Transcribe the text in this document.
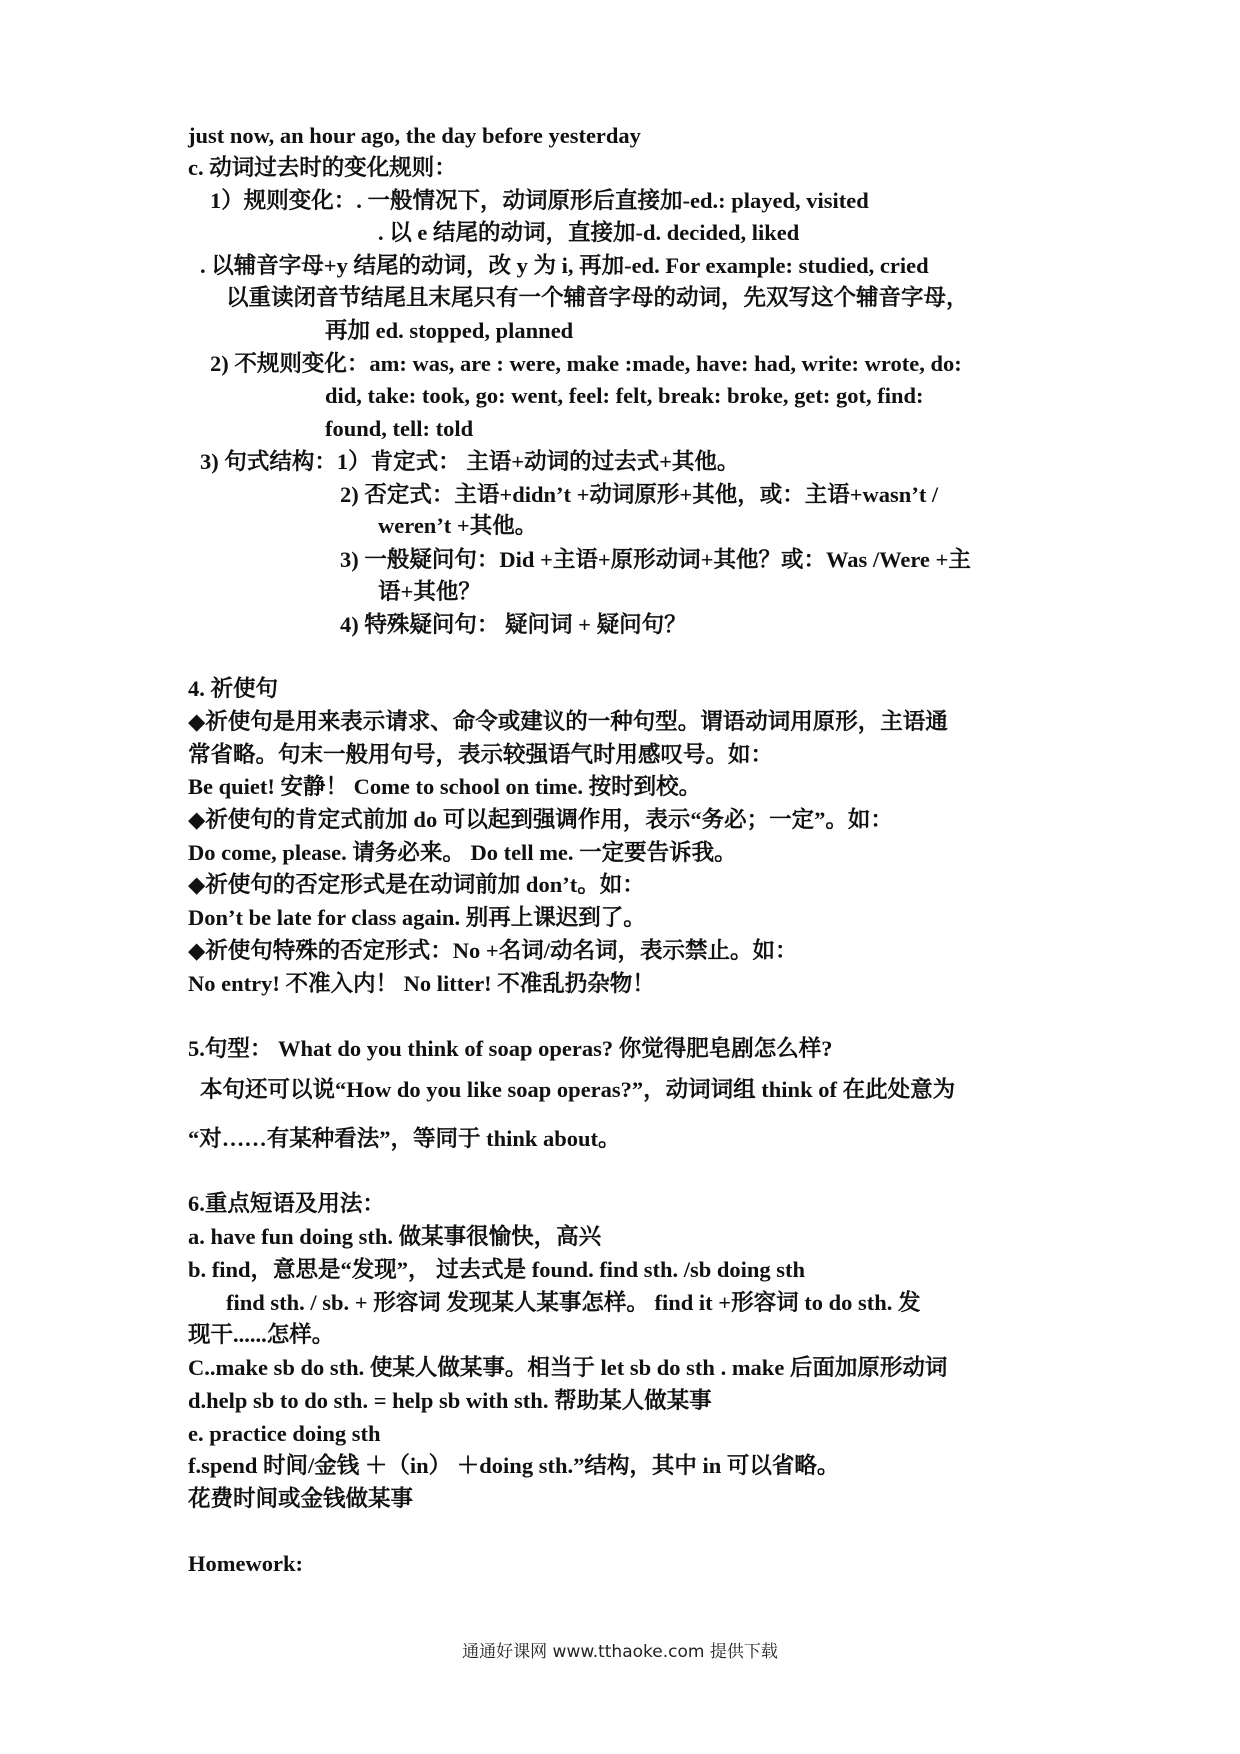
just now, an hour ago, the day before yesterday
c. 动词过去时的变化规则：
1）规则变化：. 一般情况下，动词原形后直接加-ed.: played, visited
. 以 e 结尾的动词，直接加-d. decided, liked
. 以辅音字母+y 结尾的动词，改 y 为 i, 再加-ed. For example: studied, cried
以重读闭音节结尾且末尾只有一个辅音字母的动词，先双写这个辅音字母，
再加 ed. stopped, planned
2) 不规则变化：am: was, are : were, make :made, have: had, write: wrote, do:
did, take: took, go: went, feel: felt, break: broke, get: got, find:
found, tell: told
3) 句式结构：1）肯定式： 主语+动词的过去式+其他。
2) 否定式：主语+didn’t +动词原形+其他，或：主语+wasn’t /
weren’t +其他。
3) 一般疑问句：Did +主语+原形动词+其他？或：Was /Were +主
语+其他？
4) 特殊疑问句： 疑问词 + 疑问句？
4. 祈使句
◆祈使句是用来表示请求、命令或建议的一种句型。谓语动词用原形，主语通
常省略。句末一般用句号，表示较强语气时用感叹号。如：
Be quiet! 安静！ Come to school on time. 按时到校。
◆祈使句的肯定式前加 do 可以起到强调作用，表示“务必；一定”。如：
Do come, please. 请务必来。 Do tell me. 一定要告诉我。
◆祈使句的否定形式是在动词前加 don’t。如：
Don’t be late for class again. 别再上课迟到了。
◆祈使句特殊的否定形式：No +名词/动名词，表示禁止。如：
No entry! 不准入内！ No litter! 不准乱扔杂物！
5.句型： What do you think of soap operas? 你觉得肥皂剧怎么样?
本句还可以说“How do you like soap operas?”，动词词组 think of 在此处意为
“对……有某种看法”，等同于 think about。
6.重点短语及用法：
a. have fun doing sth. 做某事很愉快，高兴
b. find，意思是“发现”， 过去式是 found. find sth. /sb doing sth
find sth. / sb. + 形容词 发现某人某事怎样。 find it +形容词 to do sth. 发
现干......怎样。
C..make sb do sth. 使某人做某事。相当于 let sb do sth . make 后面加原形动词
d.help sb to do sth. = help sb with sth. 帮助某人做某事
e. practice doing sth
f.spend 时间/金钱 ＋（in） ＋doing sth.”结构，其中 in 可以省略。
花费时间或金钱做某事
Homework:
通通好课网 www.tthaoke.com 提供下载
